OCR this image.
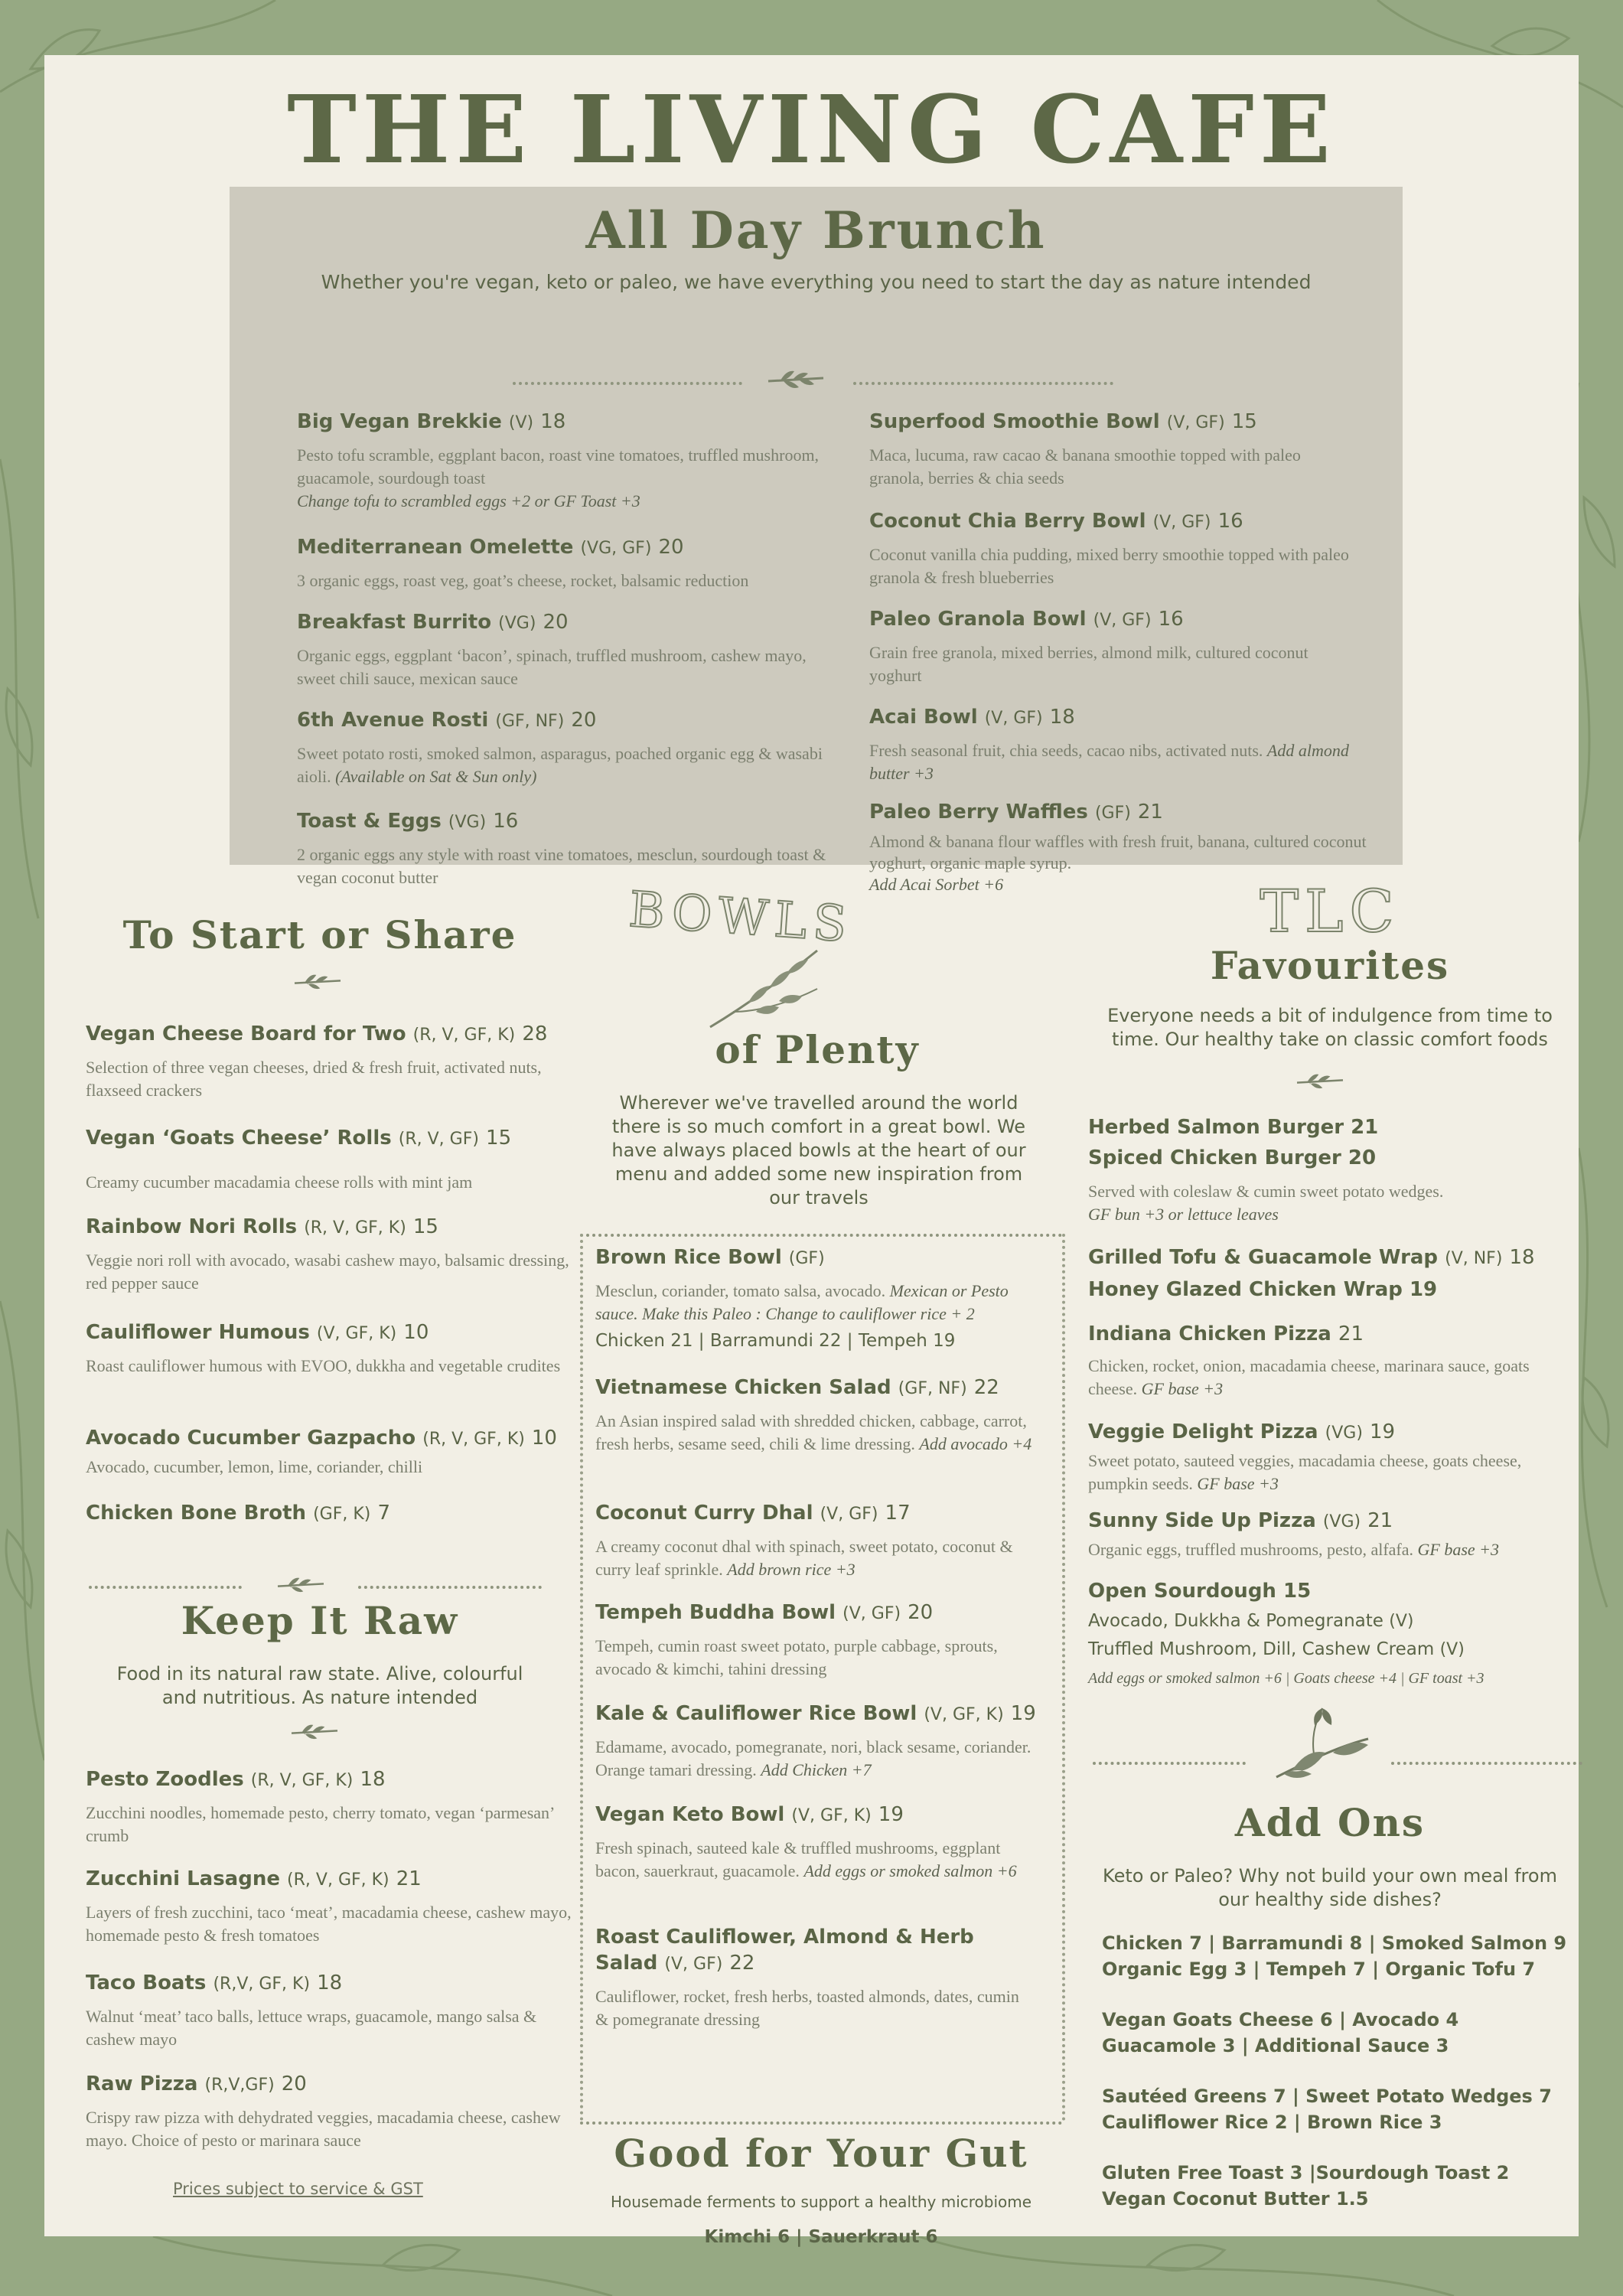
THE LIVING CAFE
All Day Brunch
Whether you're vegan, keto or paleo, we have everything you need to start the day as nature intended
Big Vegan Brekkie (V) 18
Pesto tofu scramble, eggplant bacon, roast vine tomatoes, truffled mushroom, guacamole, sourdough toast
Change tofu to scrambled eggs +2 or GF Toast +3
Mediterranean Omelette (VG, GF) 20
3 organic eggs, roast veg, goat’s cheese, rocket, balsamic reduction
Breakfast Burrito (VG) 20
Organic eggs, eggplant ‘bacon’, spinach, truffled mushroom, cashew mayo, sweet chili sauce, mexican sauce
6th Avenue Rosti (GF, NF) 20
Sweet potato rosti, smoked salmon, asparagus, poached organic egg & wasabi aioli. (Available on Sat & Sun only)
Toast & Eggs (VG) 16
2 organic eggs any style with roast vine tomatoes, mesclun, sourdough toast & vegan coconut butter
Superfood Smoothie Bowl (V, GF) 15
Maca, lucuma, raw cacao & banana smoothie topped with paleo granola, berries & chia seeds
Coconut Chia Berry Bowl (V, GF) 16
Coconut vanilla chia pudding, mixed berry smoothie topped with paleo granola & fresh blueberries
Paleo Granola Bowl (V, GF) 16
Grain free granola, mixed berries, almond milk, cultured coconut yoghurt
Acai Bowl (V, GF) 18
Fresh seasonal fruit, chia seeds, cacao nibs, activated nuts. Add almond butter +3
Paleo Berry Waffles (GF) 21
Almond & banana flour waffles with fresh fruit, banana, cultured coconut yoghurt, organic maple syrup.
Add Acai Sorbet +6
To Start or Share
Vegan Cheese Board for Two (R, V, GF, K) 28
Selection of three vegan cheeses, dried & fresh fruit, activated nuts, flaxseed crackers
Vegan ‘Goats Cheese’ Rolls (R, V, GF) 15
Creamy cucumber macadamia cheese rolls with mint jam
Rainbow Nori Rolls (R, V, GF, K) 15
Veggie nori roll with avocado, wasabi cashew mayo, balsamic dressing, red pepper sauce
Cauliflower Humous (V, GF, K) 10
Roast cauliflower humous with EVOO, dukkha and vegetable crudites
Avocado Cucumber Gazpacho (R, V, GF, K) 10
Avocado, cucumber, lemon, lime, coriander, chilli
Chicken Bone Broth (GF, K) 7
Keep It Raw
Food in its natural raw state. Alive, colourful and nutritious. As nature intended
Pesto Zoodles (R, V, GF, K) 18
Zucchini noodles, homemade pesto, cherry tomato, vegan ‘parmesan’ crumb
Zucchini Lasagne (R, V, GF, K) 21
Layers of fresh zucchini, taco ‘meat’, macadamia cheese, cashew mayo, homemade pesto & fresh tomatoes
Taco Boats (R,V, GF, K) 18
Walnut ‘meat’ taco balls, lettuce wraps, guacamole, mango salsa & cashew mayo
Raw Pizza (R,V,GF) 20
Crispy raw pizza with dehydrated veggies, macadamia cheese, cashew mayo. Choice of pesto or marinara sauce
Prices subject to service & GST
BOWLS
of Plenty
Wherever we've travelled around the world there is so much comfort in a great bowl. We have always placed bowls at the heart of our menu and added some new inspiration from our travels
Brown Rice Bowl (GF)
Mesclun, coriander, tomato salsa, avocado. Mexican or Pesto sauce. Make this Paleo : Change to cauliflower rice + 2
Chicken 21 | Barramundi 22 | Tempeh 19
Vietnamese Chicken Salad (GF, NF) 22
An Asian inspired salad with shredded chicken, cabbage, carrot, fresh herbs, sesame seed, chili & lime dressing. Add avocado +4
Coconut Curry Dhal (V, GF) 17
A creamy coconut dhal with spinach, sweet potato, coconut & curry leaf sprinkle. Add brown rice +3
Tempeh Buddha Bowl (V, GF) 20
Tempeh, cumin roast sweet potato, purple cabbage, sprouts, avocado & kimchi, tahini dressing
Kale & Cauliflower Rice Bowl (V, GF, K) 19
Edamame, avocado, pomegranate, nori, black sesame, coriander. Orange tamari dressing. Add Chicken +7
Vegan Keto Bowl (V, GF, K) 19
Fresh spinach, sauteed kale & truffled mushrooms, eggplant bacon, sauerkraut, guacamole. Add eggs or smoked salmon +6
Roast Cauliflower, Almond & Herb Salad (V, GF) 22
Cauliflower, rocket, fresh herbs, toasted almonds, dates, cumin & pomegranate dressing
Good for Your Gut
Housemade ferments to support a healthy microbiome
Kimchi 6 | Sauerkraut 6
TLC
Favourites
Everyone needs a bit of indulgence from time to time. Our healthy take on classic comfort foods
Herbed Salmon Burger 21
Spiced Chicken Burger 20
Served with coleslaw & cumin sweet potato wedges.
GF bun +3 or lettuce leaves
Grilled Tofu & Guacamole Wrap (V, NF) 18
Honey Glazed Chicken Wrap 19
Indiana Chicken Pizza 21
Chicken, rocket, onion, macadamia cheese, marinara sauce, goats cheese. GF base +3
Veggie Delight Pizza (VG) 19
Sweet potato, sauteed veggies, macadamia cheese, goats cheese, pumpkin seeds. GF base +3
Sunny Side Up Pizza (VG) 21
Organic eggs, truffled mushrooms, pesto, alfafa. GF base +3
Open Sourdough 15
Avocado, Dukkha & Pomegranate (V)
Truffled Mushroom, Dill, Cashew Cream (V)
Add eggs or smoked salmon +6 | Goats cheese +4 | GF toast +3
Add Ons
Keto or Paleo? Why not build your own meal from our healthy side dishes?
Chicken 7 | Barramundi 8 | Smoked Salmon 9
Organic Egg 3 | Tempeh 7 | Organic Tofu 7
Vegan Goats Cheese 6 | Avocado 4
Guacamole 3 | Additional Sauce 3
Sautéed Greens 7 | Sweet Potato Wedges 7
Cauliflower Rice 2 | Brown Rice 3
Gluten Free Toast 3 |Sourdough Toast 2
Vegan Coconut Butter 1.5
